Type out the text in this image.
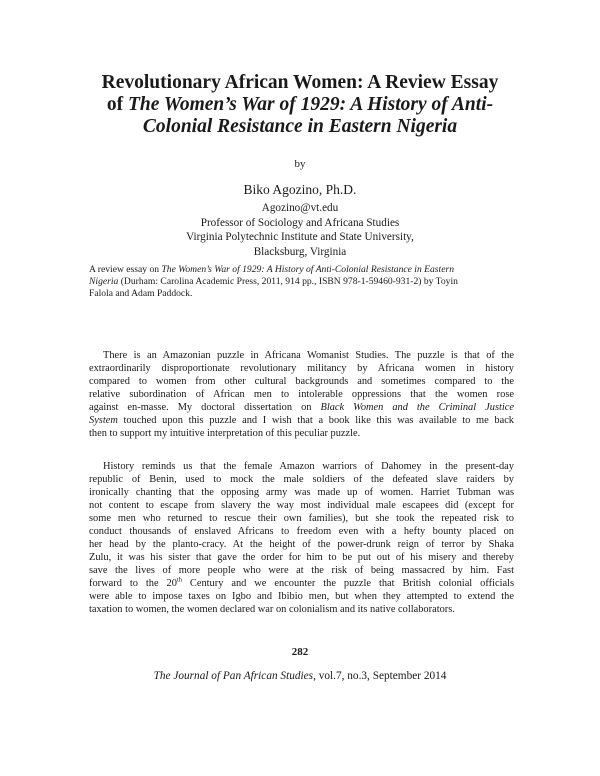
Revolutionary African Women: A Review Essay
of The Women’s War of 1929: A History of Anti-
Colonial Resistance in Eastern Nigeria
by
Biko Agozino, Ph.D.
Agozino@vt.edu
Professor of Sociology and Africana Studies
Virginia Polytechnic Institute and State University,
Blacksburg, Virginia
A review essay on The Women’s War of 1929: A History of Anti-Colonial Resistance in Eastern
Nigeria (Durham: Carolina Academic Press, 2011, 914 pp., ISBN 978-1-59460-931-2) by Toyin
Falola and Adam Paddock.
There is an Amazonian puzzle in Africana Womanist Studies. The puzzle is that of the
extraordinarily disproportionate revolutionary militancy by Africana women in history
compared to women from other cultural backgrounds and sometimes compared to the
relative subordination of African men to intolerable oppressions that the women rose
against en-masse. My doctoral dissertation on Black Women and the Criminal Justice
System touched upon this puzzle and I wish that a book like this was available to me back
then to support my intuitive interpretation of this peculiar puzzle.
History reminds us that the female Amazon warriors of Dahomey in the present-day
republic of Benin, used to mock the male soldiers of the defeated slave raiders by
ironically chanting that the opposing army was made up of women. Harriet Tubman was
not content to escape from slavery the way most individual male escapees did (except for
some men who returned to rescue their own families), but she took the repeated risk to
conduct thousands of enslaved Africans to freedom even with a hefty bounty placed on
her head by the planto-cracy. At the height of the power-drunk reign of terror by Shaka
Zulu, it was his sister that gave the order for him to be put out of his misery and thereby
save the lives of more people who were at the risk of being massacred by him. Fast
forward to the 20th Century and we encounter the puzzle that British colonial officials
were able to impose taxes on Igbo and Ibibio men, but when they attempted to extend the
taxation to women, the women declared war on colonialism and its native collaborators.
282
The Journal of Pan African Studies, vol.7, no.3, September 2014
